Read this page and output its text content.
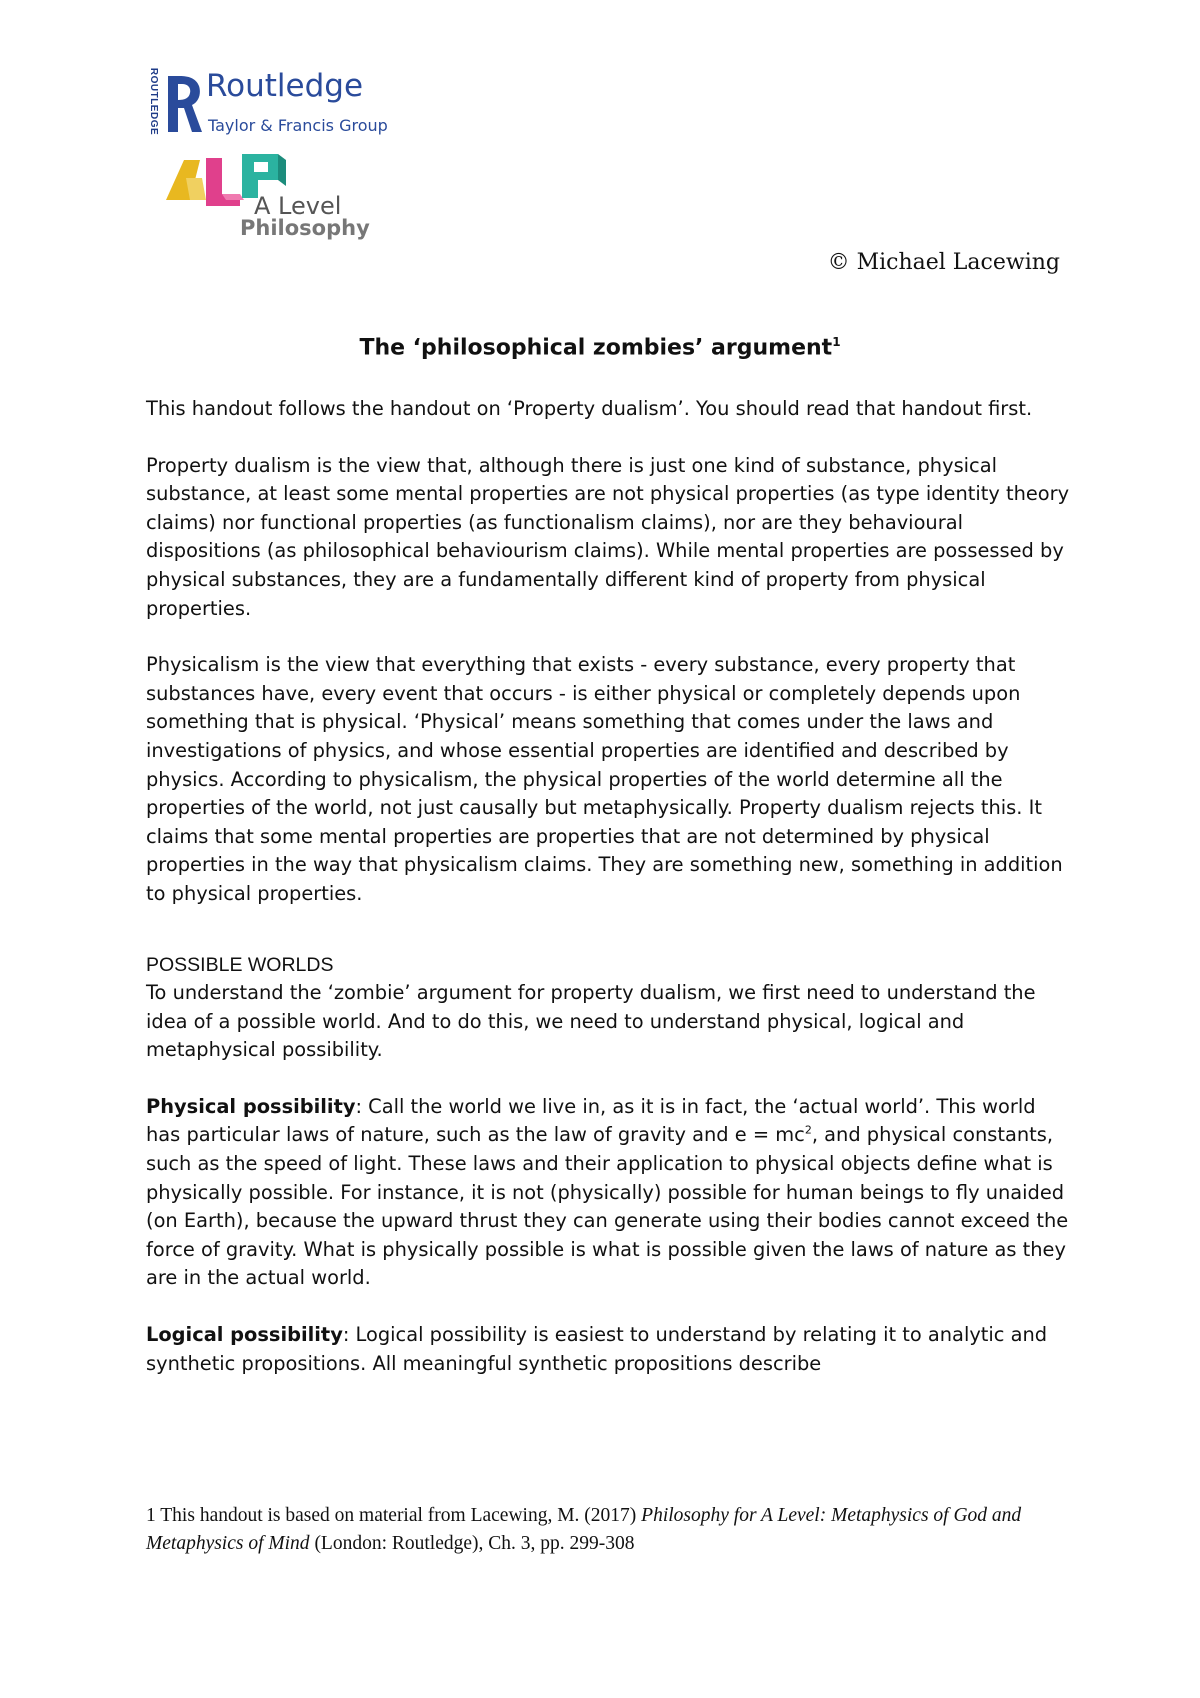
ROUTLEDGE Routledge
Taylor & Francis Group
A Level
Philosophy
© Michael Lacewing
The ‘philosophical zombies’ argument$^1$

This handout follows the handout on ‘Property dualism’. You should read that handout first.

Property dualism is the view that, although there is just one kind of substance, physical substance, at least some mental properties are not physical properties (as type identity theory claims) nor functional properties (as functionalism claims), nor are they behavioural dispositions (as philosophical behaviourism claims). While mental properties are possessed by physical substances, they are a fundamentally different kind of property from physical properties.

Physicalism is the view that everything that exists - every substance, every property that substances have, every event that occurs - is either physical or completely depends upon something that is physical. ‘Physical’ means something that comes under the laws and investigations of physics, and whose essential properties are identified and described by physics. According to physicalism, the physical properties of the world determine all the properties of the world, not just causally but metaphysically. Property dualism rejects this. It claims that some mental properties are properties that are not determined by physical properties in the way that physicalism claims. They are something new, something in addition to physical properties.

POSSIBLE WORLDS

To understand the ‘zombie’ argument for property dualism, we first need to understand the idea of a possible world. And to do this, we need to understand physical, logical and metaphysical possibility.

Physical possibility: Call the world we live in, as it is in fact, the ‘actual world’. This world has particular laws of nature, such as the law of gravity and $e = mc^2$, and physical constants, such as the speed of light. These laws and their application to physical objects define what is physically possible. For instance, it is not (physically) possible for human beings to fly unaided (on Earth), because the upward thrust they can generate using their bodies cannot exceed the force of gravity. What is physically possible is what is possible given the laws of nature as they are in the actual world.

Logical possibility: Logical possibility is easiest to understand by relating it to analytic and synthetic propositions. All meaningful synthetic propositions describe

1 This handout is based on material from Lacewing, M. (2017) Philosophy for A Level: Metaphysics of God and Metaphysics of Mind (London: Routledge), Ch. 3, pp. 299-308
